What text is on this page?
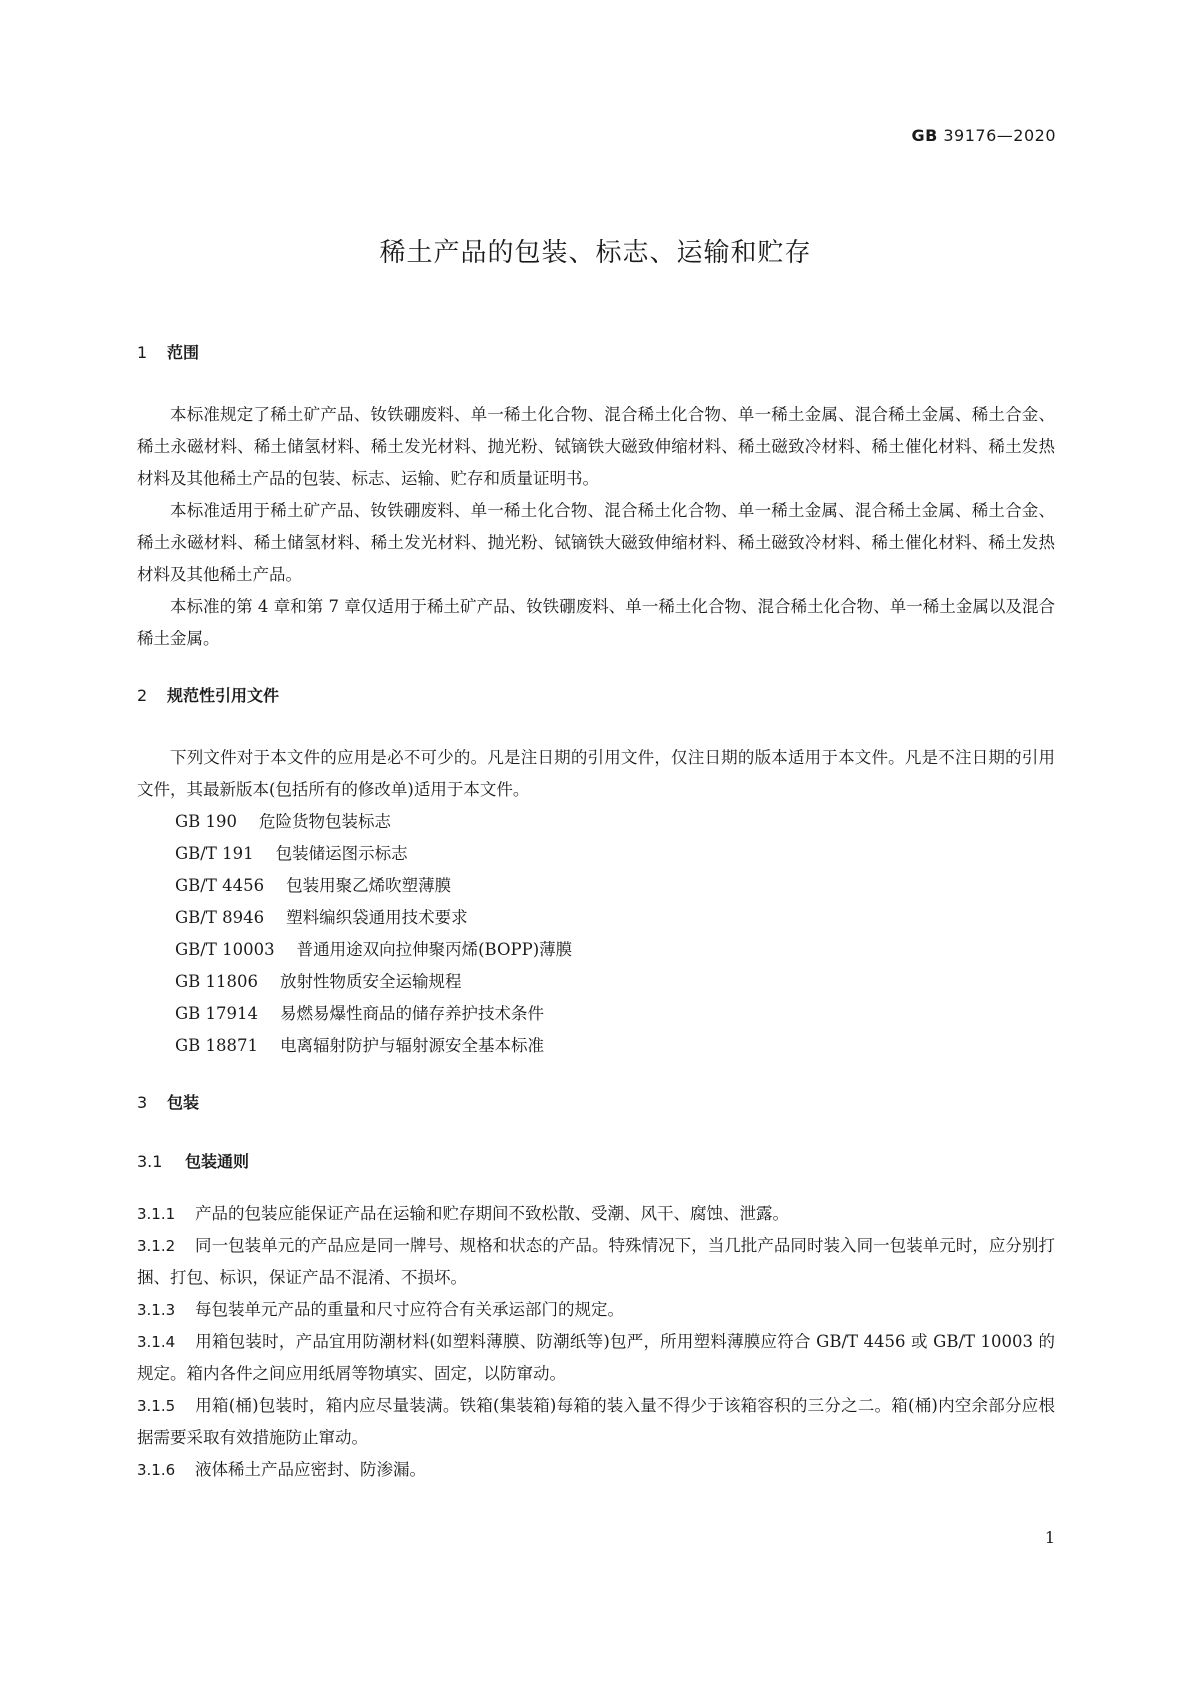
GB 39176—2020
稀土产品的包装、标志、运输和贮存
1 范围

本标准规定了稀土矿产品、钕铁硼废料、单一稀土化合物、混合稀土化合物、单一稀土金属、混合稀土金属、稀土合金、稀土永磁材料、稀土储氢材料、稀土发光材料、抛光粉、铽镝铁大磁致伸缩材料、稀土磁致冷材料、稀土催化材料、稀土发热材料及其他稀土产品的包装、标志、运输、贮存和质量证明书。

本标准适用于稀土矿产品、钕铁硼废料、单一稀土化合物、混合稀土化合物、单一稀土金属、混合稀土金属、稀土合金、稀土永磁材料、稀土储氢材料、稀土发光材料、抛光粉、铽镝铁大磁致伸缩材料、稀土磁致冷材料、稀土催化材料、稀土发热材料及其他稀土产品。

本标准的第 4 章和第 7 章仅适用于稀土矿产品、钕铁硼废料、单一稀土化合物、混合稀土化合物、单一稀土金属以及混合稀土金属。

2 规范性引用文件

下列文件对于本文件的应用是必不可少的。凡是注日期的引用文件，仅注日期的版本适用于本文件。凡是不注日期的引用文件，其最新版本(包括所有的修改单)适用于本文件。

GB 190 危险货物包装标志
GB/T 191 包装储运图示标志
GB/T 4456 包装用聚乙烯吹塑薄膜
GB/T 8946 塑料编织袋通用技术要求
GB/T 10003 普通用途双向拉伸聚丙烯(BOPP)薄膜
GB 11806 放射性物质安全运输规程
GB 17914 易燃易爆性商品的储存养护技术条件
GB 18871 电离辐射防护与辐射源安全基本标准
3 包装
3.1 包装通则

3.1.1 产品的包装应能保证产品在运输和贮存期间不致松散、受潮、风干、腐蚀、泄露。

3.1.2 同一包装单元的产品应是同一牌号、规格和状态的产品。特殊情况下，当几批产品同时装入同一包装单元时，应分别打捆、打包、标识，保证产品不混淆、不损坏。

3.1.3 每包装单元产品的重量和尺寸应符合有关承运部门的规定。

3.1.4 用箱包装时，产品宜用防潮材料(如塑料薄膜、防潮纸等)包严，所用塑料薄膜应符合 GB/T 4456 或 GB/T 10003 的规定。箱内各件之间应用纸屑等物填实、固定，以防窜动。

3.1.5 用箱(桶)包装时，箱内应尽量装满。铁箱(集装箱)每箱的装入量不得少于该箱容积的三分之二。箱(桶)内空余部分应根据需要采取有效措施防止窜动。

3.1.6 液体稀土产品应密封、防渗漏。

1
